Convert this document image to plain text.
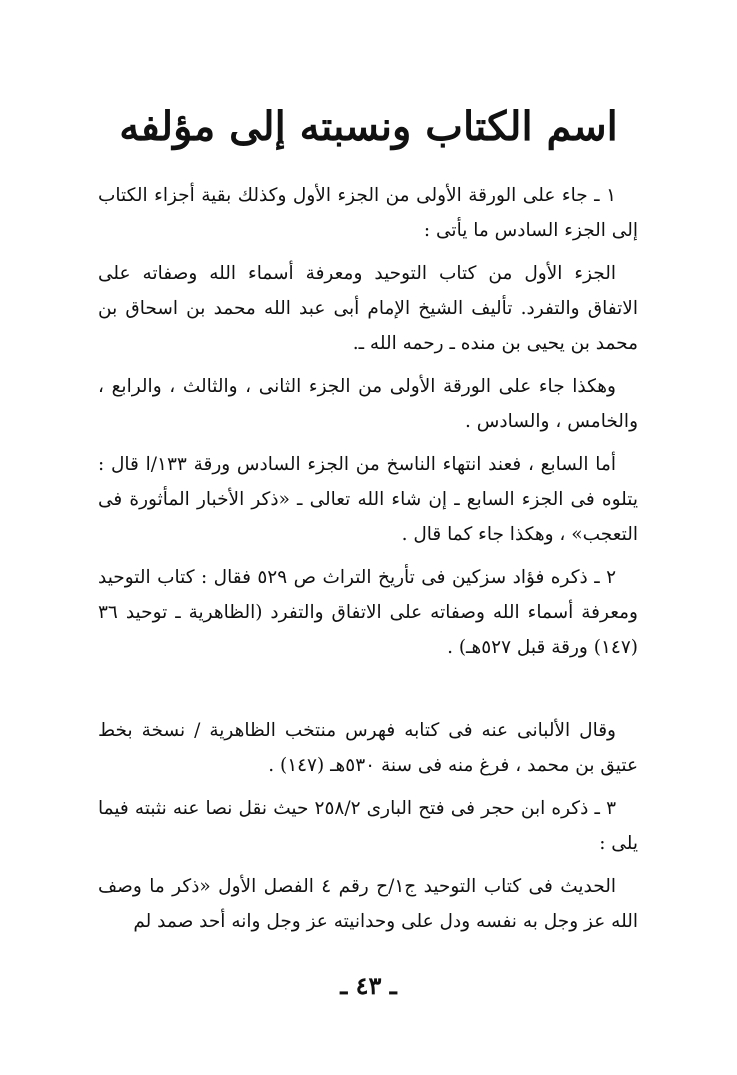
اسم الكتاب ونسبته إلى مؤلفه

١ ـ جاء على الورقة الأولى من الجزء الأول وكذلك بقية أجزاء الكتاب إلى الجزء السادس ما يأتى :

الجزء الأول من كتاب التوحيد ومعرفة أسماء الله وصفاته على الاتفاق والتفرد. تأليف الشيخ الإمام أبى عبد الله محمد بن اسحاق بن محمد بن يحيى بن منده ـ رحمه الله ـ.

وهكذا جاء على الورقة الأولى من الجزء الثانى ، والثالث ، والرابع ، والخامس ، والسادس .

أما السابع ، فعند انتهاء الناسخ من الجزء السادس ورقة ١٣٣/ا قال : يتلوه فى الجزء السابع ـ إن شاء الله تعالى ـ «ذكر الأخبار المأثورة فى التعجب» ، وهكذا جاء كما قال .

٢ ـ ذكره فؤاد سزكين فى تأريخ التراث ص ٥٢٩ فقال : كتاب التوحيد ومعرفة أسماء الله وصفاته على الاتفاق والتفرد (الظاهرية ـ توحيد ٣٦ (١٤٧) ورقة قبل ٥٢٧هـ) .

وقال الألبانى عنه فى كتابه فهرس منتخب الظاهرية / نسخة بخط عتيق بن محمد ، فرغ منه فى سنة ٥٣٠هـ (١٤٧) .

٣ ـ ذكره ابن حجر فى فتح البارى ٢٥٨/٢ حيث نقل نصا عنه نثبته فيما يلى :

الحديث فى كتاب التوحيد ج١/ح رقم ٤ الفصل الأول «ذكر ما وصف الله عز وجل به نفسه ودل على وحدانيته عز وجل وانه أحد صمد لم

ـ ٤٣ ـ
